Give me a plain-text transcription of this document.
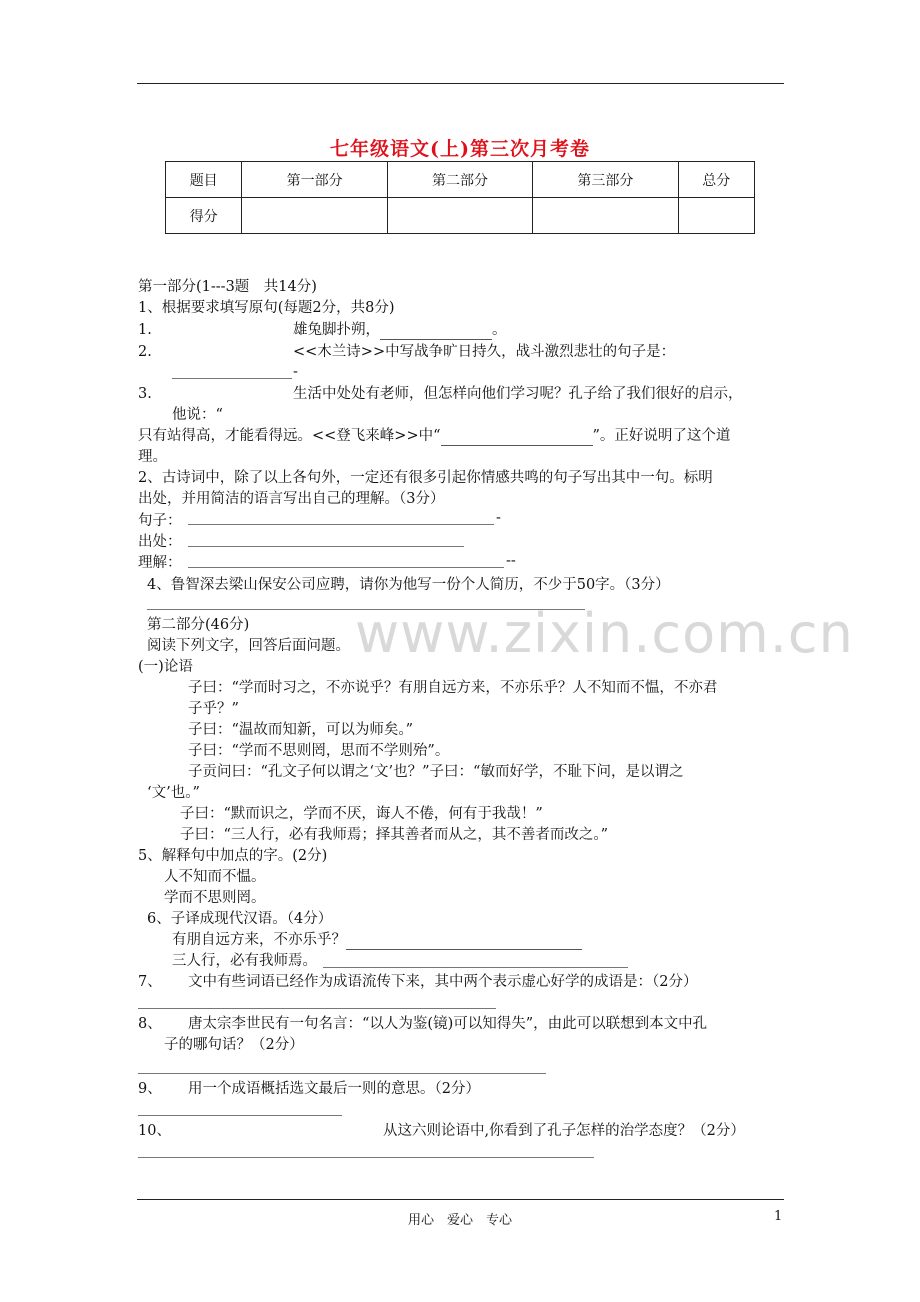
七年级语文(上)第三次月考卷
题目	第一部分	第二部分	第三部分	总分
得分				
www.zixin.com.cn
第一部分(1---3题　共14分)
1、根据要求填写原句(每题2分，共8分)
1.	雄兔脚扑朔，	。
2.	<<木兰诗>>中写战争旷日持久，战斗激烈悲壮的句子是：
-
3.	生活中处处有老师，但怎样向他们学习呢？孔子给了我们很好的启示，
他说：“
只有站得高，才能看得远。<<登飞来峰>>中“	”。正好说明了这个道
理。
2、古诗词中，除了以上各句外，一定还有很多引起你情感共鸣的句子写出其中一句。标明
出处，并用简洁的语言写出自己的理解。（3分）
句子：	-
出处：
理解：	--
4、鲁智深去梁山保安公司应聘，请你为他写一份个人简历，不少于50字。（3分）
第二部分(46分)
阅读下列文字，回答后面问题。
(一)论语
子曰：“学而时习之，不亦说乎？有朋自远方来，不亦乐乎？人不知而不愠，不亦君
子乎？”
子曰：“温故而知新，可以为师矣。”
子曰：“学而不思则罔，思而不学则殆”。
子贡问曰：“孔文子何以谓之‘文’也？”子曰：“敏而好学，不耻下问，是以谓之
‘文’也。”
子曰：“默而识之，学而不厌，诲人不倦，何有于我哉！”
子曰：“三人行，必有我师焉；择其善者而从之，其不善者而改之。”
5、解释句中加点的字。(2分)
人不知而不愠。
学而不思则罔。
6、子译成现代汉语。（4分）
有朋自远方来，不亦乐乎？
三人行，必有我师焉。
7、 文中有些词语已经作为成语流传下来，其中两个表示虚心好学的成语是：（2分）
8、 唐太宗李世民有一句名言：“以人为鉴(镜)可以知得失”，由此可以联想到本文中孔
子的哪句话？（2分）
9、 用一个成语概括选文最后一则的意思。（2分）
10、	从这六则论语中,你看到了孔子怎样的治学态度？（2分）
用心　爱心　专心	1
